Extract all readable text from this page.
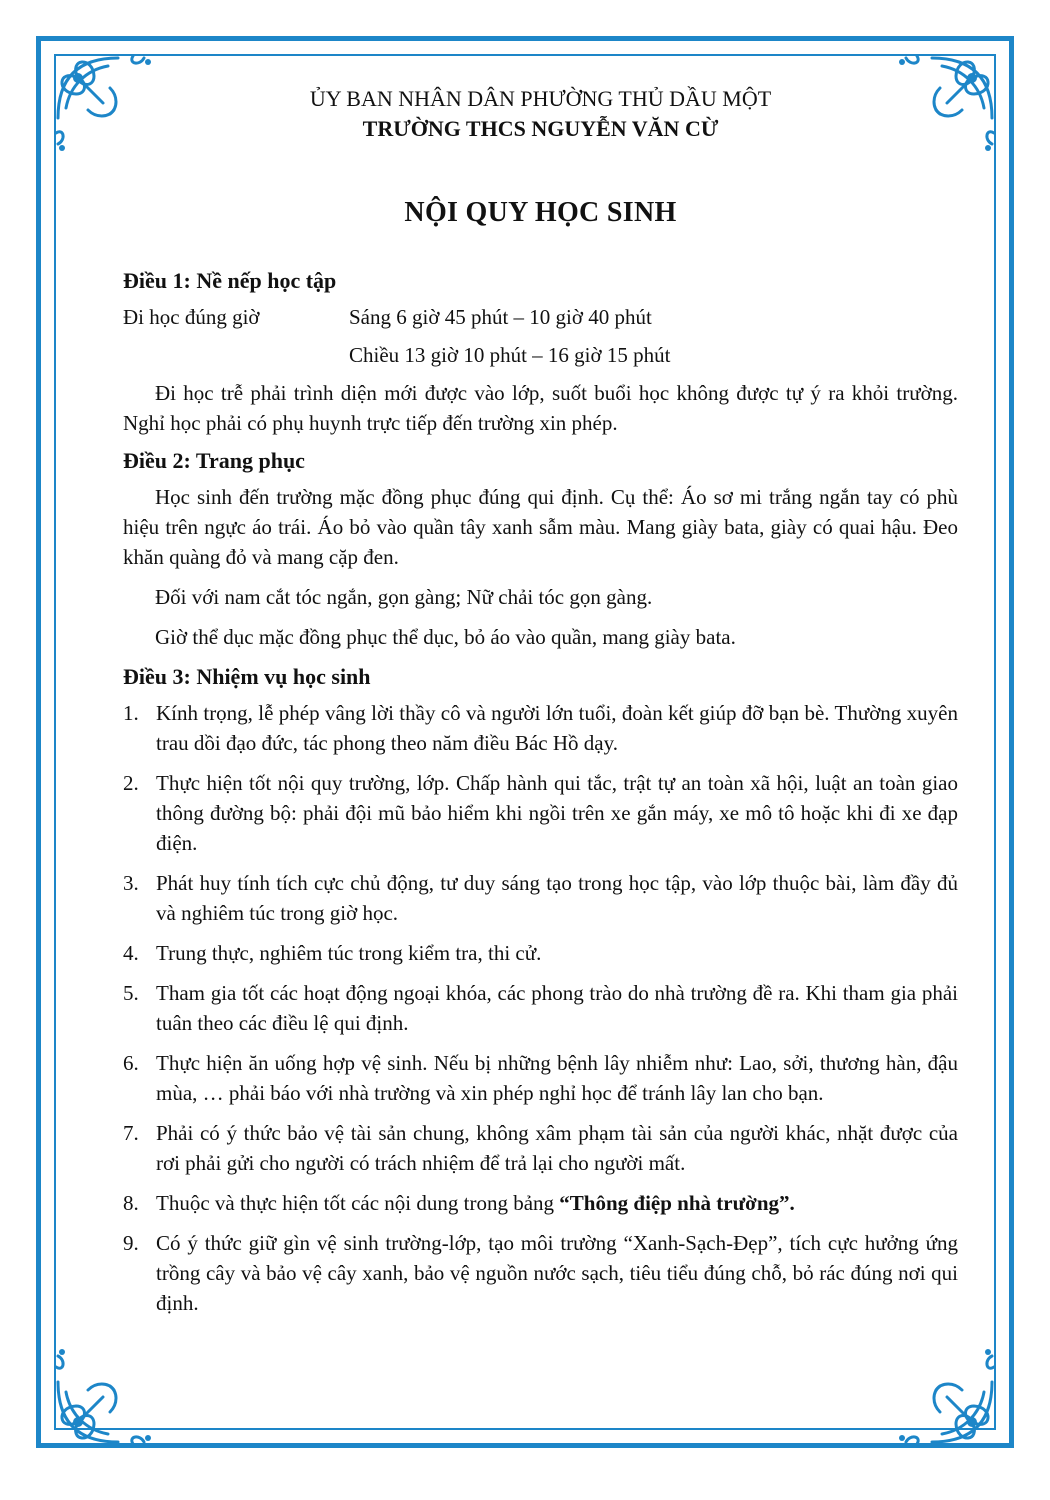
ỦY BAN NHÂN DÂN PHƯỜNG THỦ DẦU MỘT
TRƯỜNG THCS NGUYỄN VĂN CỪ
NỘI QUY HỌC SINH
Điều 1: Nề nếp học tập
Đi học đúng giờ	Sáng 6 giờ 45 phút – 10 giờ 40 phút
Chiều 13 giờ 10 phút – 16 giờ 15 phút

Đi học trễ phải trình diện mới được vào lớp, suốt buổi học không được tự ý ra khỏi trường. Nghỉ học phải có phụ huynh trực tiếp đến trường xin phép.

Điều 2: Trang phục

Học sinh đến trường mặc đồng phục đúng qui định. Cụ thể: Áo sơ mi trắng ngắn tay có phù hiệu trên ngực áo trái. Áo bỏ vào quần tây xanh sẫm màu. Mang giày bata, giày có quai hậu. Đeo khăn quàng đỏ và mang cặp đen.

Đối với nam cắt tóc ngắn, gọn gàng; Nữ chải tóc gọn gàng.

Giờ thể dục mặc đồng phục thể dục, bỏ áo vào quần, mang giày bata.

Điều 3: Nhiệm vụ học sinh
1. Kính trọng, lễ phép vâng lời thầy cô và người lớn tuổi, đoàn kết giúp đỡ bạn bè. Thường xuyên trau dồi đạo đức, tác phong theo năm điều Bác Hồ dạy.
2. Thực hiện tốt nội quy trường, lớp. Chấp hành qui tắc, trật tự an toàn xã hội, luật an toàn giao thông đường bộ: phải đội mũ bảo hiểm khi ngồi trên xe gắn máy, xe mô tô hoặc khi đi xe đạp điện.
3. Phát huy tính tích cực chủ động, tư duy sáng tạo trong học tập, vào lớp thuộc bài, làm đầy đủ và nghiêm túc trong giờ học.
4. Trung thực, nghiêm túc trong kiểm tra, thi cử.
5. Tham gia tốt các hoạt động ngoại khóa, các phong trào do nhà trường đề ra. Khi tham gia phải tuân theo các điều lệ qui định.
6. Thực hiện ăn uống hợp vệ sinh. Nếu bị những bệnh lây nhiễm như: Lao, sởi, thương hàn, đậu mùa, … phải báo với nhà trường và xin phép nghỉ học để tránh lây lan cho bạn.
7. Phải có ý thức bảo vệ tài sản chung, không xâm phạm tài sản của người khác, nhặt được của rơi phải gửi cho người có trách nhiệm để trả lại cho người mất.
8. Thuộc và thực hiện tốt các nội dung trong bảng “Thông điệp nhà trường”.
9. Có ý thức giữ gìn vệ sinh trường-lớp, tạo môi trường “Xanh-Sạch-Đẹp”, tích cực hưởng ứng trồng cây và bảo vệ cây xanh, bảo vệ nguồn nước sạch, tiêu tiểu đúng chỗ, bỏ rác đúng nơi qui định.
